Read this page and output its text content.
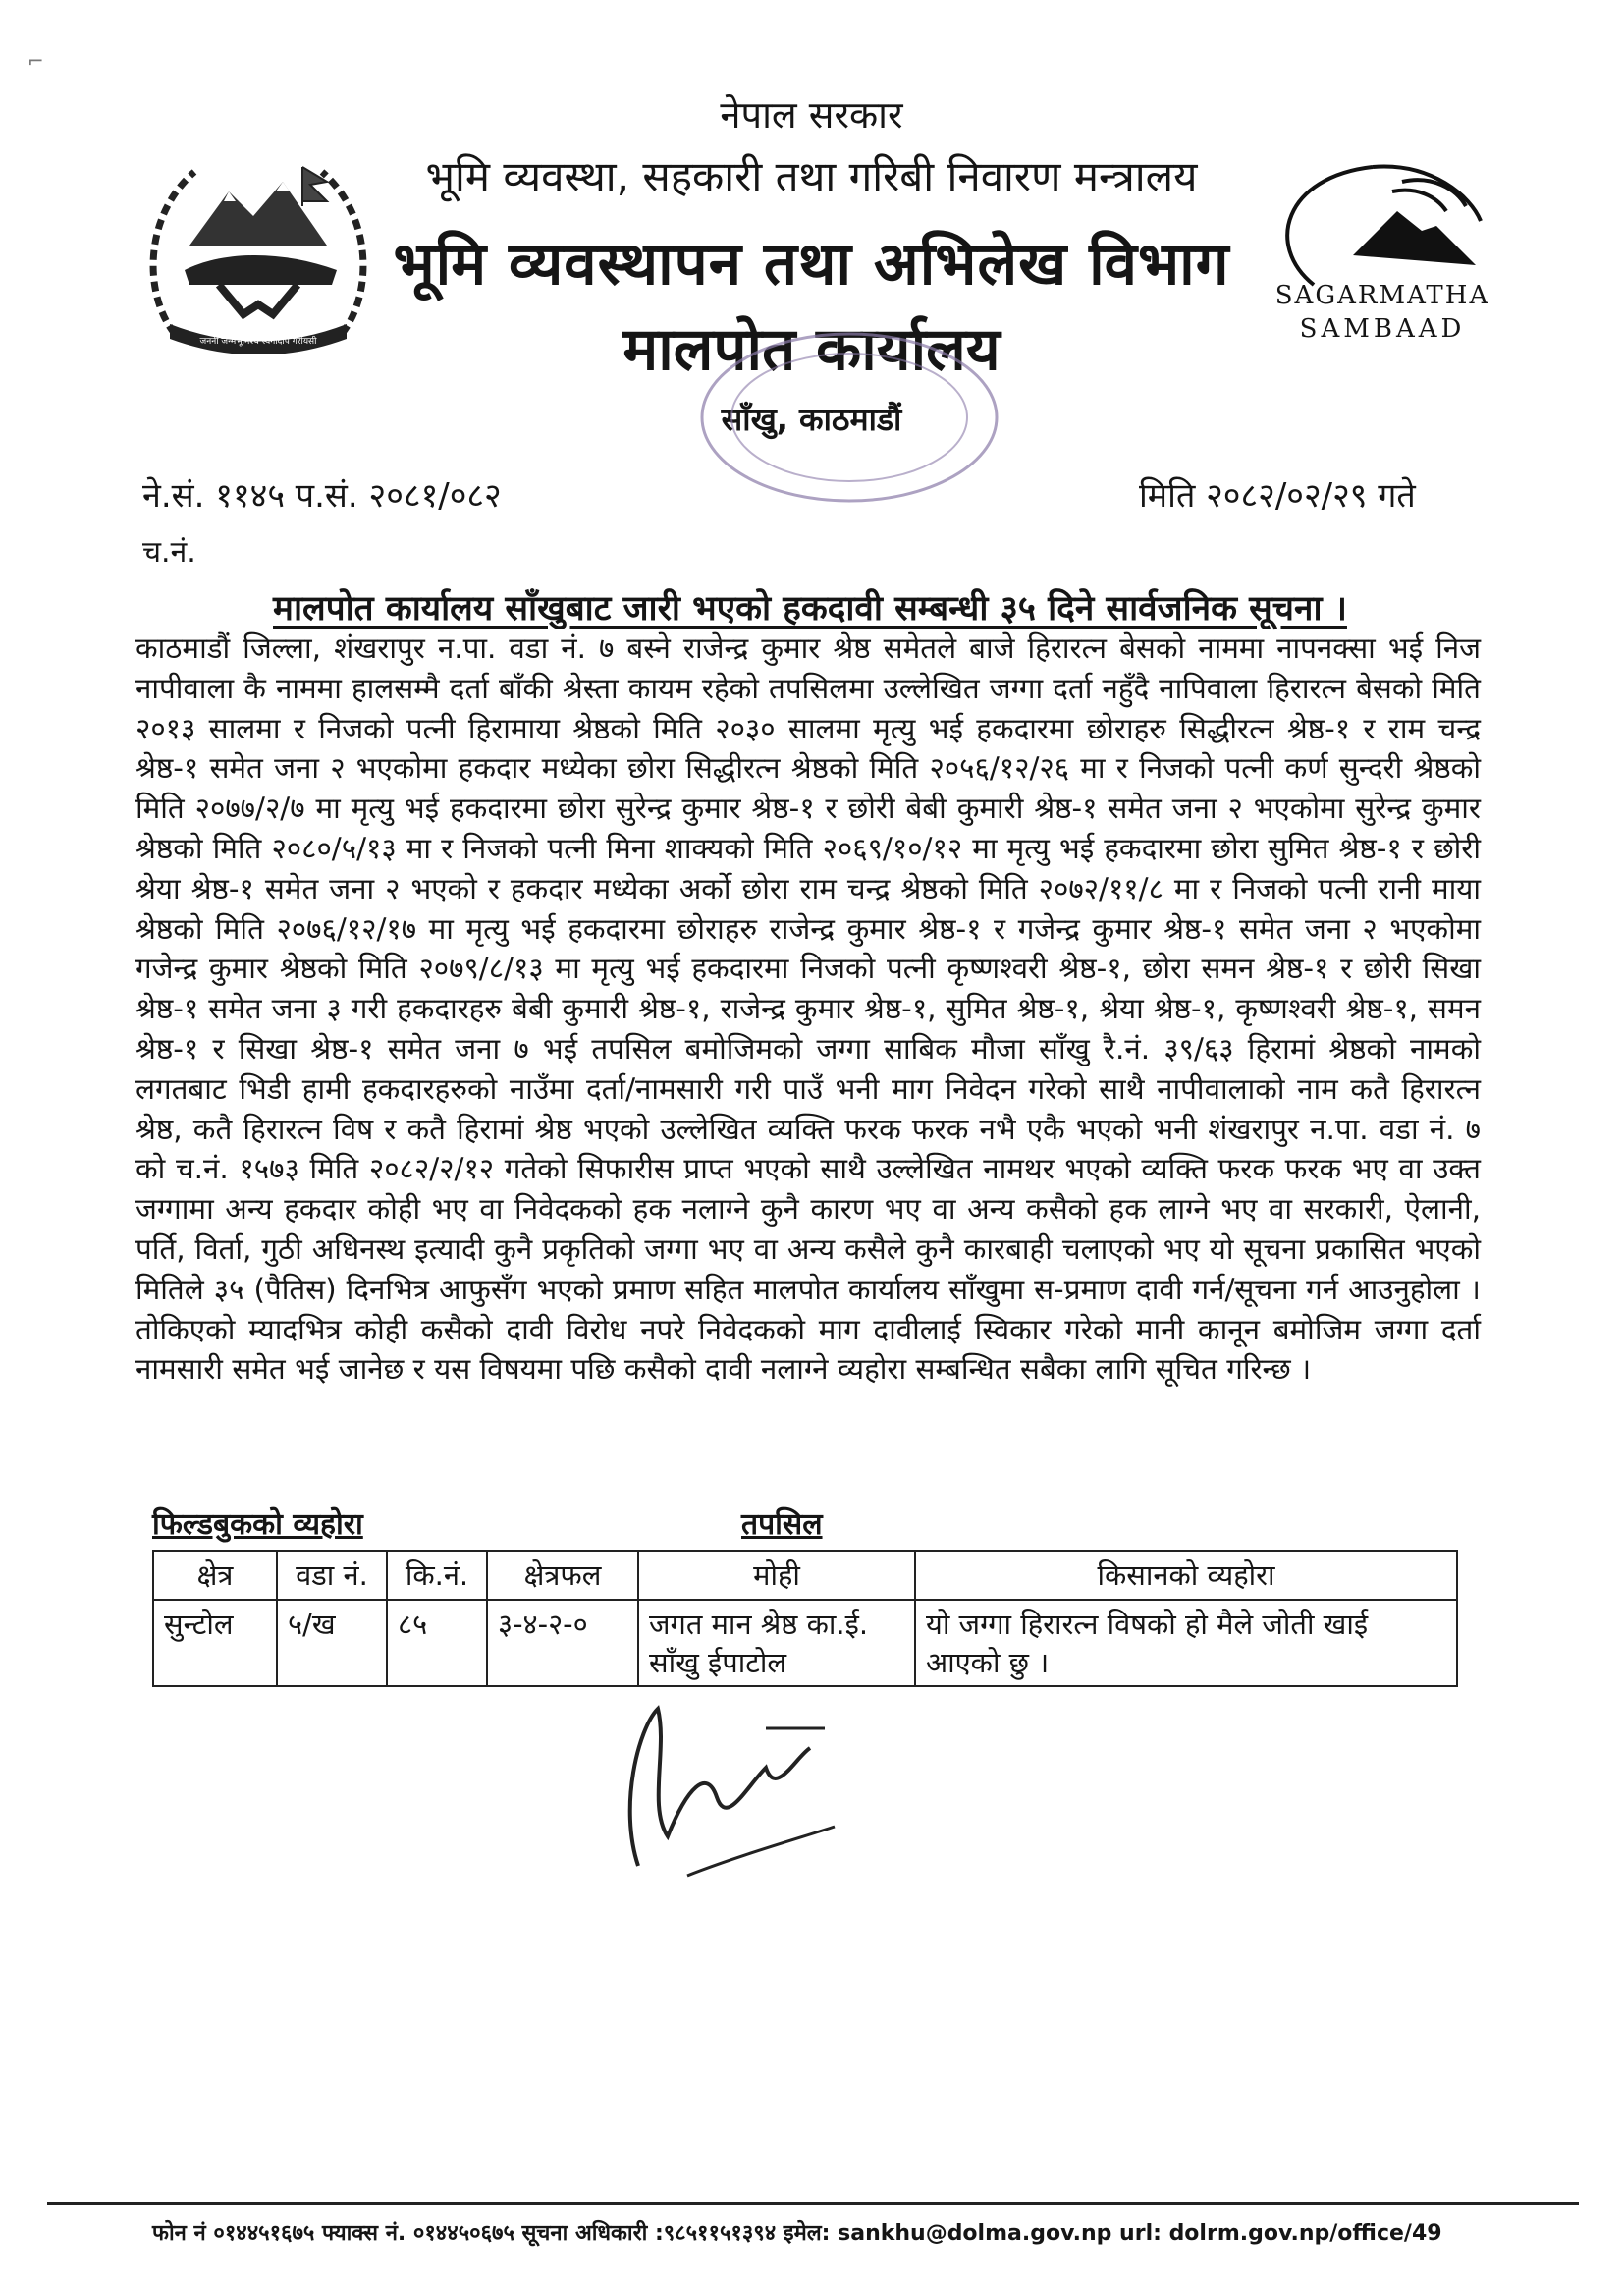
⌐
जननी जन्मभूमिश्च स्वर्गादपि गरीयसी
SAGARMATHA
SAMBAAD
नेपाल सरकार
भूमि व्यवस्था, सहकारी तथा गरिबी निवारण मन्त्रालय
भूमि व्यवस्थापन तथा अभिलेख विभाग
मालपोत कार्यालय
साँखु, काठमाडौं
ने.सं. ११४५ प.सं. २०८१/०८२	मिति २०८२/०२/२९ गते
च.नं.
मालपोत कार्यालय साँखुबाट जारी भएको हकदावी सम्बन्धी ३५ दिने सार्वजनिक सूचना ।

काठमाडौं जिल्ला, शंखरापुर न.पा. वडा नं. ७ बस्ने राजेन्द्र कुमार श्रेष्ठ समेतले बाजे हिरारत्न बेसको नाममा नापनक्सा भई निज नापीवाला कै नाममा हालसम्मै दर्ता बाँकी श्रेस्ता कायम रहेको तपसिलमा उल्लेखित जग्गा दर्ता नहुँदै नापिवाला हिरारत्न बेसको मिति २०१३ सालमा र निजको पत्नी हिरामाया श्रेष्ठको मिति २०३० सालमा मृत्यु भई हकदारमा छोराहरु सिद्धीरत्न श्रेष्ठ-१ र राम चन्द्र श्रेष्ठ-१ समेत जना २ भएकोमा हकदार मध्येका छोरा सिद्धीरत्न श्रेष्ठको मिति २०५६/१२/२६ मा र निजको पत्नी कर्ण सुन्दरी श्रेष्ठको मिति २०७७/२/७ मा मृत्यु भई हकदारमा छोरा सुरेन्द्र कुमार श्रेष्ठ-१ र छोरी बेबी कुमारी श्रेष्ठ-१ समेत जना २ भएकोमा सुरेन्द्र कुमार श्रेष्ठको मिति २०८०/५/१३ मा र निजको पत्नी मिना शाक्यको मिति २०६९/१०/१२ मा मृत्यु भई हकदारमा छोरा सुमित श्रेष्ठ-१ र छोरी श्रेया श्रेष्ठ-१ समेत जना २ भएको र हकदार मध्येका अर्को छोरा राम चन्द्र श्रेष्ठको मिति २०७२/११/८ मा र निजको पत्नी रानी माया श्रेष्ठको मिति २०७६/१२/१७ मा मृत्यु भई हकदारमा छोराहरु राजेन्द्र कुमार श्रेष्ठ-१ र गजेन्द्र कुमार श्रेष्ठ-१ समेत जना २ भएकोमा गजेन्द्र कुमार श्रेष्ठको मिति २०७९/८/१३ मा मृत्यु भई हकदारमा निजको पत्नी कृष्णश्वरी श्रेष्ठ-१, छोरा समन श्रेष्ठ-१ र छोरी सिखा श्रेष्ठ-१ समेत जना ३ गरी हकदारहरु बेबी कुमारी श्रेष्ठ-१, राजेन्द्र कुमार श्रेष्ठ-१, सुमित श्रेष्ठ-१, श्रेया श्रेष्ठ-१, कृष्णश्वरी श्रेष्ठ-१, समन श्रेष्ठ-१ र सिखा श्रेष्ठ-१ समेत जना ७ भई तपसिल बमोजिमको जग्गा साबिक मौजा साँखु रै.नं. ३९/६३ हिरामां श्रेष्ठको नामको लगतबाट भिडी हामी हकदारहरुको नाउँमा दर्ता/नामसारी गरी पाउँ भनी माग निवेदन गरेको साथै नापीवालाको नाम कतै हिरारत्न श्रेष्ठ, कतै हिरारत्न विष र कतै हिरामां श्रेष्ठ भएको उल्लेखित व्यक्ति फरक फरक नभै एकै भएको भनी शंखरापुर न.पा. वडा नं. ७ को च.नं. १५७३ मिति २०८२/२/१२ गतेको सिफारीस प्राप्त भएको साथै उल्लेखित नामथर भएको व्यक्ति फरक फरक भए वा उक्त जग्गामा अन्य हकदार कोही भए वा निवेदकको हक नलाग्ने कुनै कारण भए वा अन्य कसैको हक लाग्ने भए वा सरकारी, ऐलानी, पर्ति, विर्ता, गुठी अधिनस्थ इत्यादी कुनै प्रकृतिको जग्गा भए वा अन्य कसैले कुनै कारबाही चलाएको भए यो सूचना प्रकासित भएको मितिले ३५ (पैतिस) दिनभित्र आफुसँग भएको प्रमाण सहित मालपोत कार्यालय साँखुमा स-प्रमाण दावी गर्न/सूचना गर्न आउनुहोला । तोकिएको म्यादभित्र कोही कसैको दावी विरोध नपरे निवेदकको माग दावीलाई स्विकार गरेको मानी कानून बमोजिम जग्गा दर्ता नामसारी समेत भई जानेछ र यस विषयमा पछि कसैको दावी नलाग्ने व्यहोरा सम्बन्धित सबैका लागि सूचित गरिन्छ ।

फिल्डबुकको व्यहोरा	तपसिल
क्षेत्र	वडा नं.	कि.नं.	क्षेत्रफल	मोही	किसानको व्यहोरा
सुन्टोल	५/ख	८५	३-४-२-०	जगत मान श्रेष्ठ का.ई. साँखु ईपाटोल	यो जग्गा हिरारत्न विषको हो मैले जोती खाई आएको छु ।
फोन नं ०१४४५१६७५ फ्याक्स नं. ०१४४५०६७५ सूचना अधिकारी :९८५११५१३९४ इमेल: sankhu@dolma.gov.np url: dolrm.gov.np/office/49
